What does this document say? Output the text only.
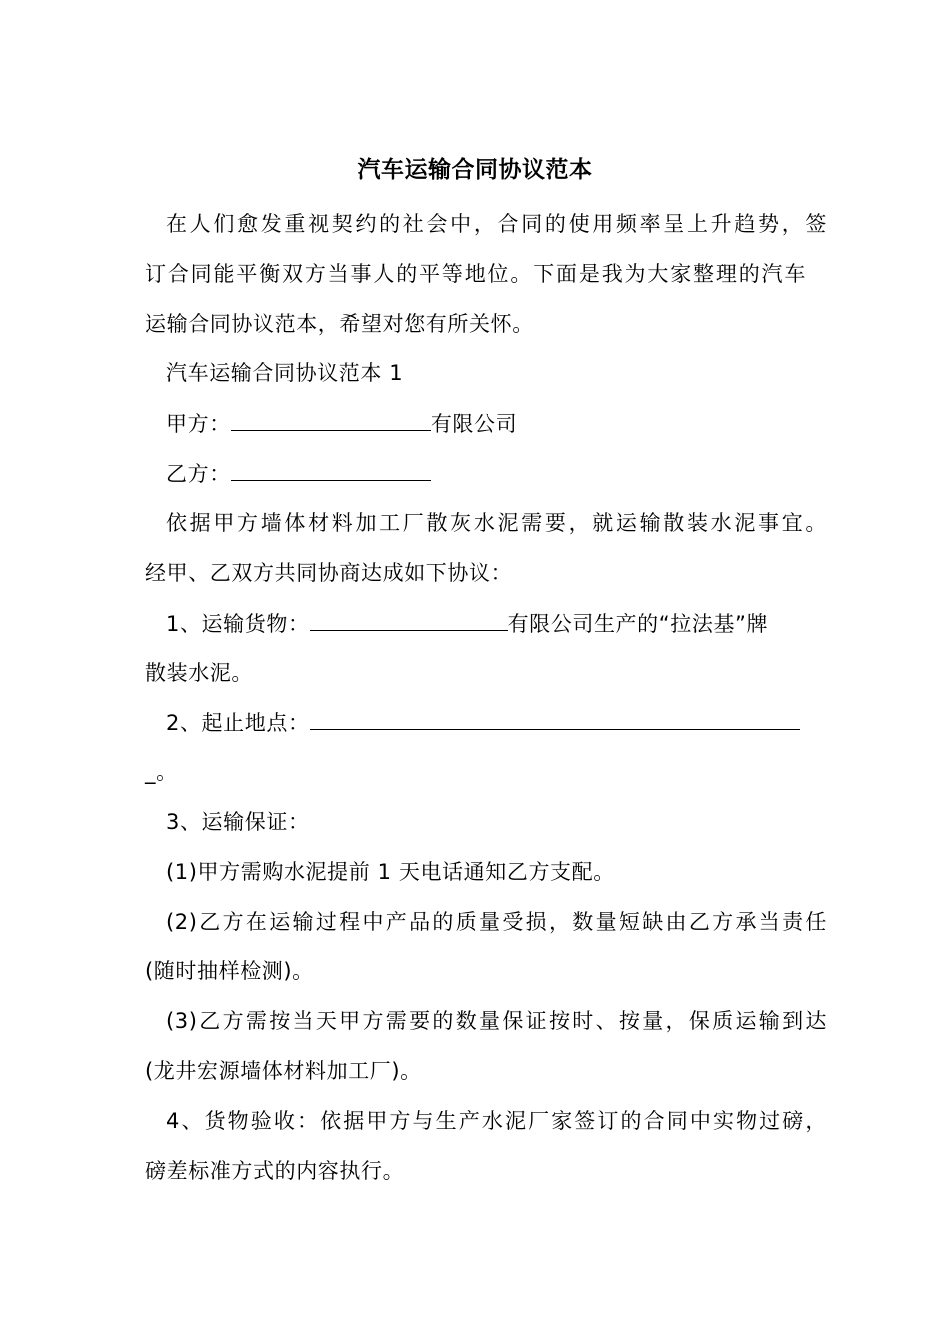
汽车运输合同协议范本
在人们愈发重视契约的社会中，合同的使用频率呈上升趋势，签
订合同能平衡双方当事人的平等地位。下面是我为大家整理的汽车
运输合同协议范本，希望对您有所关怀。
汽车运输合同协议范本 1
甲方：	有限公司
乙方：
依据甲方墙体材料加工厂散灰水泥需要，就运输散装水泥事宜。
经甲、乙双方共同协商达成如下协议：
1、运输货物：	有限公司生产的“拉法基”牌
散装水泥。
2、起止地点：
_。
3、运输保证：
(1)甲方需购水泥提前 1 天电话通知乙方支配。
(2)乙方在运输过程中产品的质量受损，数量短缺由乙方承当责任
(随时抽样检测)。
(3)乙方需按当天甲方需要的数量保证按时、按量，保质运输到达
(龙井宏源墙体材料加工厂)。
4、货物验收：依据甲方与生产水泥厂家签订的合同中实物过磅，
磅差标准方式的内容执行。
